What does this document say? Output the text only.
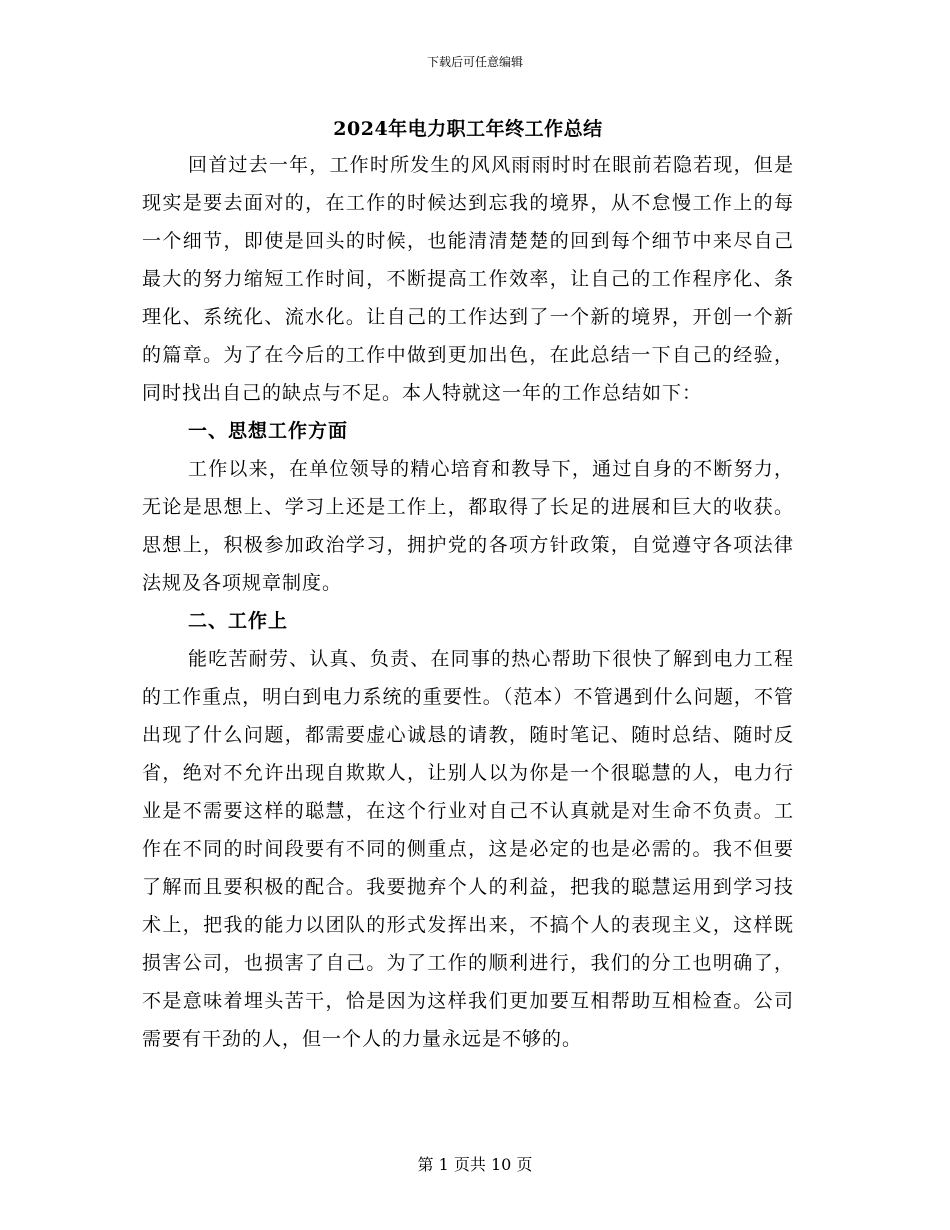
下载后可任意编辑
2024年电力职工年终工作总结

回首过去一年，工作时所发生的风风雨雨时时在眼前若隐若现，但是现实是要去面对的，在工作的时候达到忘我的境界，从不怠慢工作上的每一个细节，即使是回头的时候，也能清清楚楚的回到每个细节中来尽自己最大的努力缩短工作时间，不断提高工作效率，让自己的工作程序化、条理化、系统化、流水化。让自己的工作达到了一个新的境界，开创一个新的篇章。为了在今后的工作中做到更加出色，在此总结一下自己的经验，同时找出自己的缺点与不足。本人特就这一年的工作总结如下：

一、思想工作方面

工作以来，在单位领导的精心培育和教导下，通过自身的不断努力，无论是思想上、学习上还是工作上，都取得了长足的进展和巨大的收获。思想上，积极参加政治学习，拥护党的各项方针政策，自觉遵守各项法律法规及各项规章制度。

二、工作上

能吃苦耐劳、认真、负责、在同事的热心帮助下很快了解到电力工程的工作重点，明白到电力系统的重要性。（范本）不管遇到什么问题，不管出现了什么问题，都需要虚心诚恳的请教，随时笔记、随时总结、随时反省，绝对不允许出现自欺欺人，让别人以为你是一个很聪慧的人，电力行业是不需要这样的聪慧，在这个行业对自己不认真就是对生命不负责。工作在不同的时间段要有不同的侧重点，这是必定的也是必需的。我不但要了解而且要积极的配合。我要抛弃个人的利益，把我的聪慧运用到学习技术上，把我的能力以团队的形式发挥出来，不搞个人的表现主义，这样既损害公司，也损害了自己。为了工作的顺利进行，我们的分工也明确了，不是意味着埋头苦干，恰是因为这样我们更加要互相帮助互相检查。公司需要有干劲的人，但一个人的力量永远是不够的。

第 1 页共 10 页
